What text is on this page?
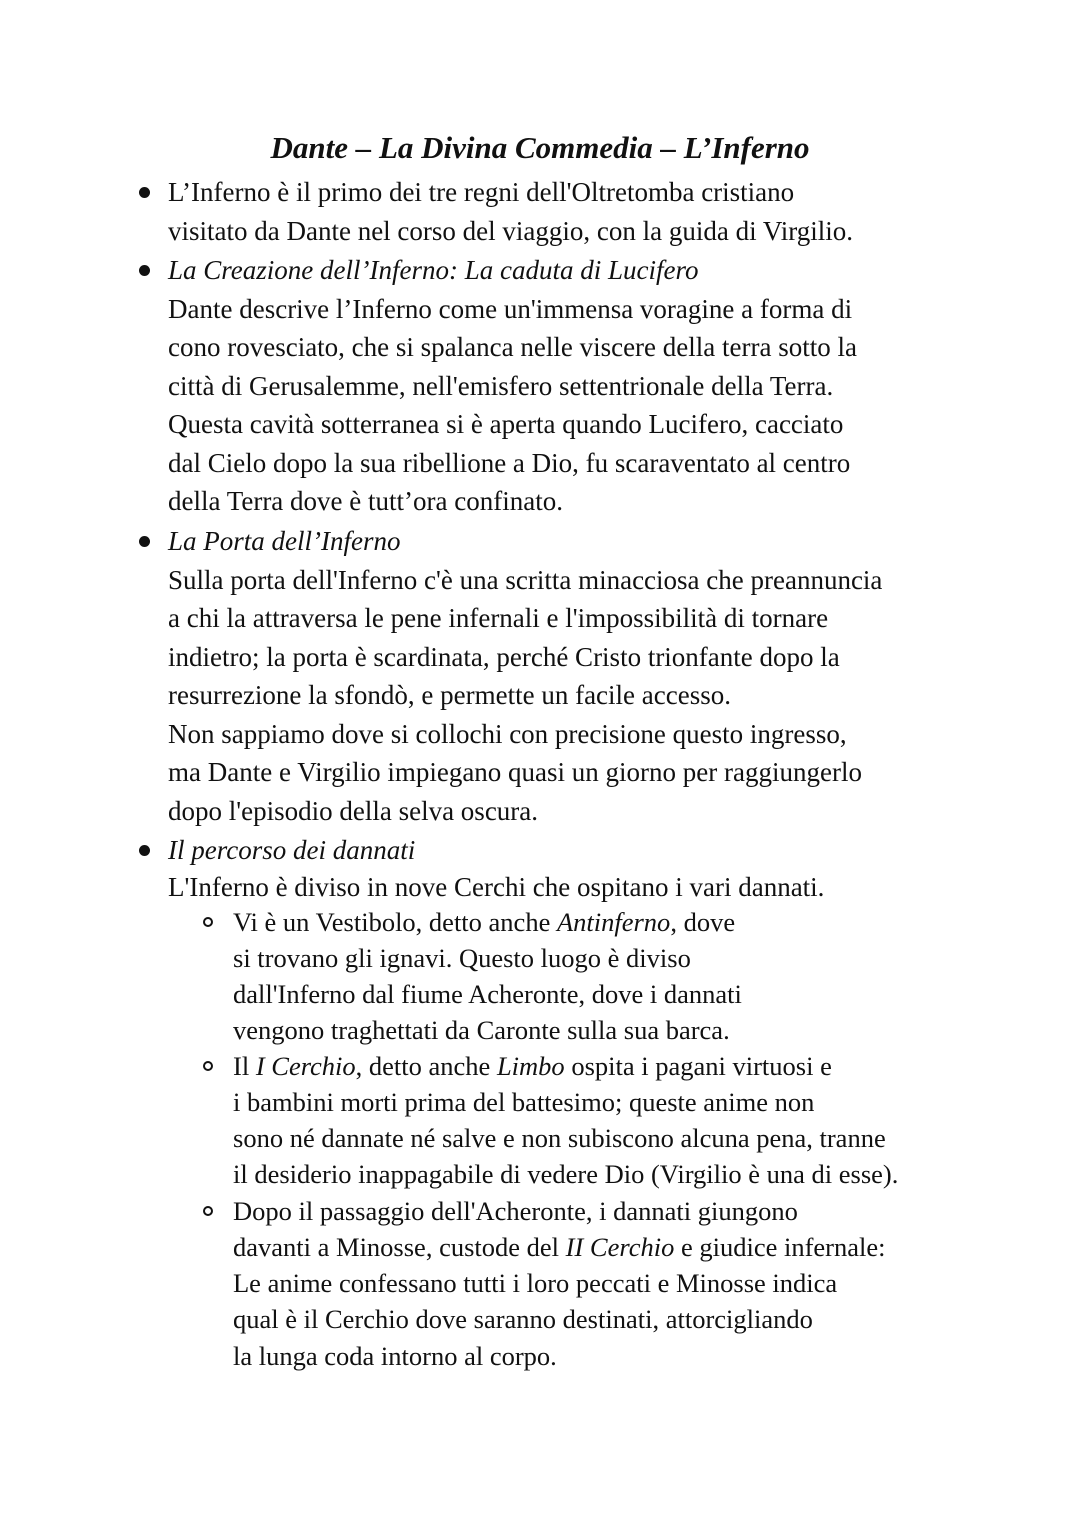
Dante – La Divina Commedia – L’Inferno

L’Inferno è il primo dei tre regni dell'Oltretomba cristiano

visitato da Dante nel corso del viaggio, con la guida di Virgilio.

La Creazione dell’Inferno: La caduta di Lucifero

Dante descrive l’Inferno come un'immensa voragine a forma di

cono rovesciato, che si spalanca nelle viscere della terra sotto la

città di Gerusalemme, nell'emisfero settentrionale della Terra.

Questa cavità sotterranea si è aperta quando Lucifero, cacciato

dal Cielo dopo la sua ribellione a Dio, fu scaraventato al centro

della Terra dove è tutt’ora confinato.

La Porta dell’Inferno

Sulla porta dell'Inferno c'è una scritta minacciosa che preannuncia

a chi la attraversa le pene infernali e l'impossibilità di tornare

indietro; la porta è scardinata, perché Cristo trionfante dopo la

resurrezione la sfondò, e permette un facile accesso.

Non sappiamo dove si collochi con precisione questo ingresso,

ma Dante e Virgilio impiegano quasi un giorno per raggiungerlo

dopo l'episodio della selva oscura.

Il percorso dei dannati

L'Inferno è diviso in nove Cerchi che ospitano i vari dannati.

Vi è un Vestibolo, detto anche Antinferno, dove

si trovano gli ignavi. Questo luogo è diviso

dall'Inferno dal fiume Acheronte, dove i dannati

vengono traghettati da Caronte sulla sua barca.

Il I Cerchio, detto anche Limbo ospita i pagani virtuosi e

i bambini morti prima del battesimo; queste anime non

sono né dannate né salve e non subiscono alcuna pena, tranne

il desiderio inappagabile di vedere Dio (Virgilio è una di esse).

Dopo il passaggio dell'Acheronte, i dannati giungono

davanti a Minosse, custode del II Cerchio e giudice infernale:

Le anime confessano tutti i loro peccati e Minosse indica

qual è il Cerchio dove saranno destinati, attorcigliando

la lunga coda intorno al corpo.
